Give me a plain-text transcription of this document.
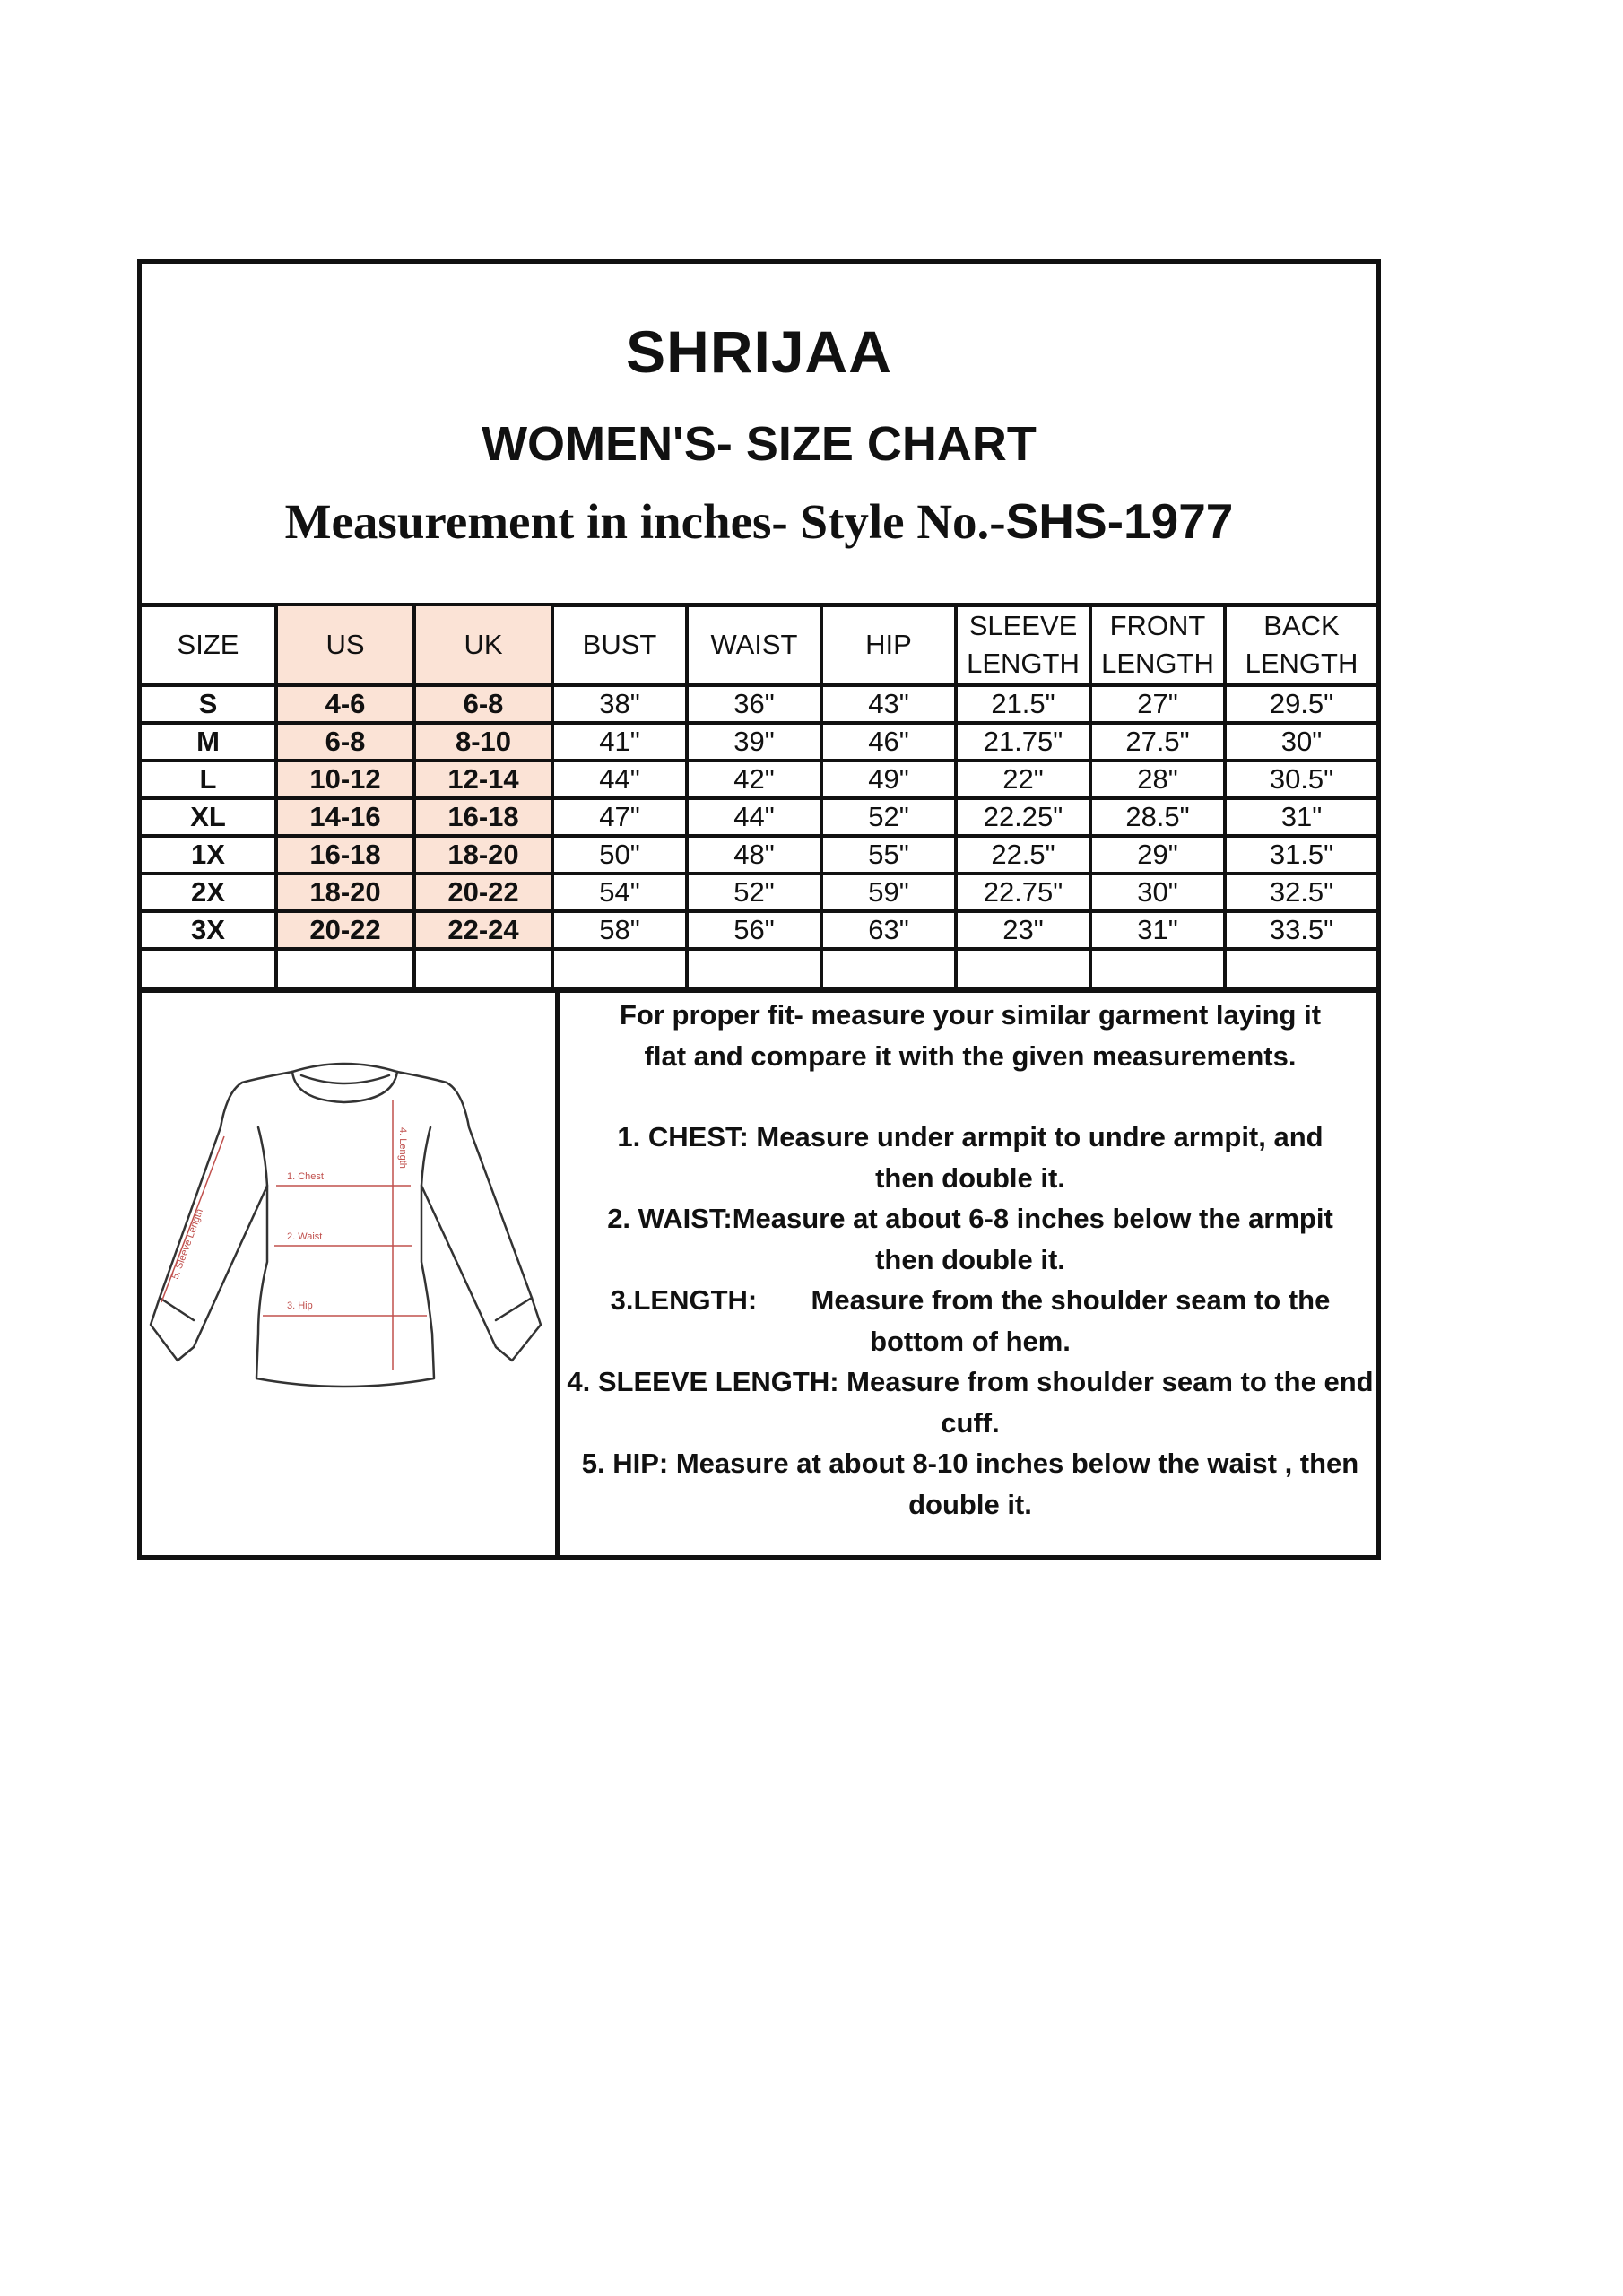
SHRIJAA
WOMEN'S- SIZE CHART
Measurement in inches- Style No.-SHS-1977
SIZE	US	UK	BUST	WAIST	HIP	SLEEVE LENGTH	FRONT LENGTH	BACK LENGTH
S	4-6	6-8	38"	36"	43"	21.5"	27"	29.5"
M	6-8	8-10	41"	39"	46"	21.75"	27.5"	30"
L	10-12	12-14	44"	42"	49"	22"	28"	30.5"
XL	14-16	16-18	47"	44"	52"	22.25"	28.5"	31"
1X	16-18	18-20	50"	48"	55"	22.5"	29"	31.5"
2X	18-20	20-22	54"	52"	59"	22.75"	30"	32.5"
3X	20-22	22-24	58"	56"	63"	23"	31"	33.5"

1. Chest
2. Waist
3. Hip
4. Length
5. Sleeve Length

For proper fit- measure your similar garment laying it

flat and compare it with the given measurements.

1. CHEST: Measure under armpit to undre armpit, and

then double it.

2. WAIST:Measure at about 6-8 inches below the armpit

then double it.

3.LENGTH:       Measure from the shoulder seam to the

bottom of hem.

4. SLEEVE LENGTH: Measure from shoulder seam to the end

cuff.

5. HIP: Measure at about 8-10 inches below the waist , then

double it.
